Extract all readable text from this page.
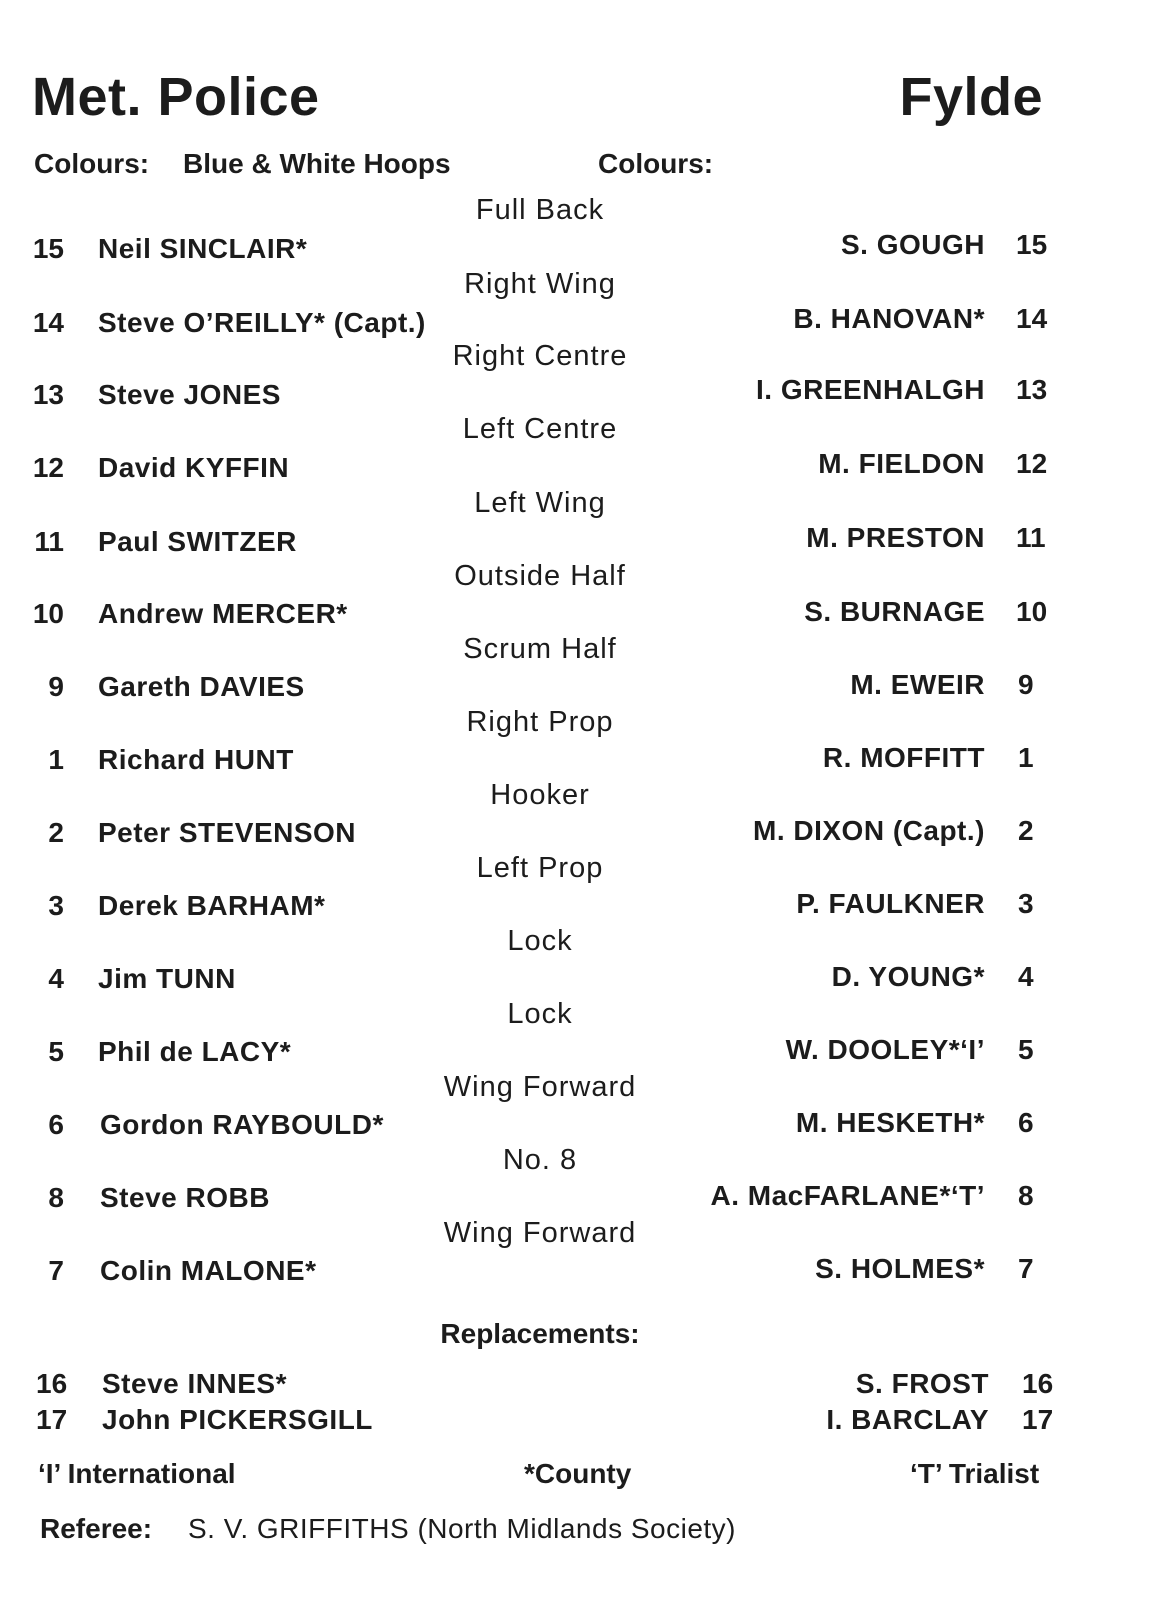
Met. Police	Fylde
Colours: Blue & White Hoops	Colours:
Full Back
15 Neil SINCLAIR*	S. GOUGH 15
Right Wing
14 Steve O’REILLY* (Capt.)	B. HANOVAN* 14
Right Centre
13 Steve JONES	I. GREENHALGH 13
Left Centre
12 David KYFFIN	M. FIELDON 12
Left Wing
11 Paul SWITZER	M. PRESTON 11
Outside Half
10 Andrew MERCER*	S. BURNAGE 10
Scrum Half
9 Gareth DAVIES	M. EWEIR 9
Right Prop
1 Richard HUNT	R. MOFFITT 1
Hooker
2 Peter STEVENSON	M. DIXON (Capt.) 2
Left Prop
3 Derek BARHAM*	P. FAULKNER 3
Lock
4 Jim TUNN	D. YOUNG* 4
Lock
5 Phil de LACY*	W. DOOLEY*‘I’ 5
Wing Forward
6 Gordon RAYBOULD*	M. HESKETH* 6
No. 8
8 Steve ROBB	A. MacFARLANE*‘T’ 8
Wing Forward
7 Colin MALONE*	S. HOLMES* 7
Replacements:
16 Steve INNES*	S. FROST 16
17 John PICKERSGILL	I. BARCLAY 17
‘I’ International	*County	‘T’ Trialist
Referee: S. V. GRIFFITHS (North Midlands Society)
